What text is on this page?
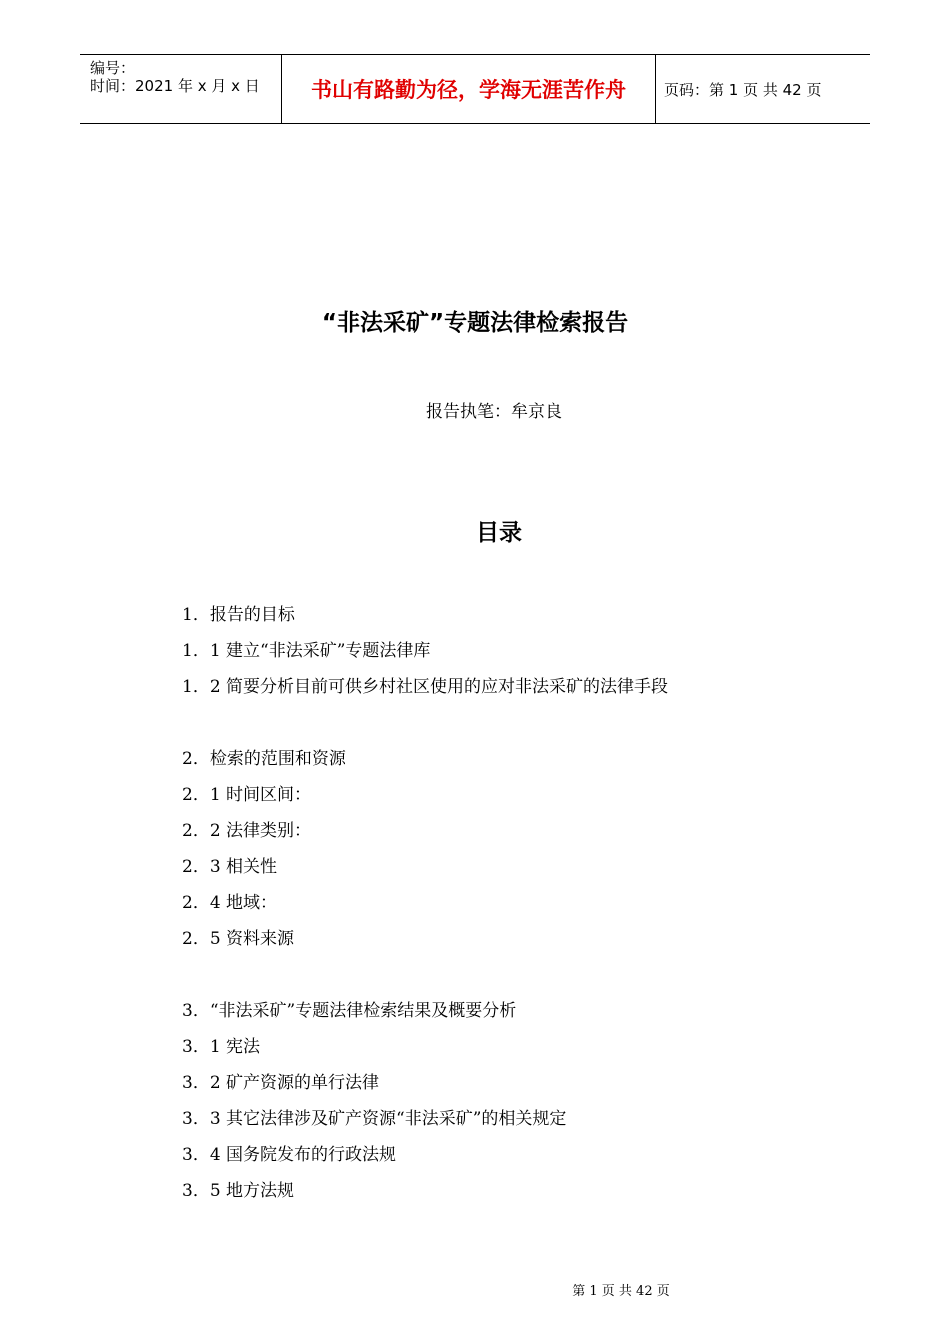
编号：
时间：2021 年 x 月 x 日	书山有路勤为径，学海无涯苦作舟	页码：第 1 页 共 42 页
“非法采矿”专题法律检索报告
报告执笔：牟京良
目录
1．报告的目标
1．1 建立“非法采矿”专题法律库
1．2 简要分析目前可供乡村社区使用的应对非法采矿的法律手段
2．检索的范围和资源
2．1 时间区间：
2．2 法律类别：
2．3 相关性
2．4 地域：
2．5 资料来源
3．“非法采矿”专题法律检索结果及概要分析
3．1 宪法
3．2 矿产资源的单行法律
3．3 其它法律涉及矿产资源“非法采矿”的相关规定
3．4 国务院发布的行政法规
3．5 地方法规
第 1 页 共 42 页
